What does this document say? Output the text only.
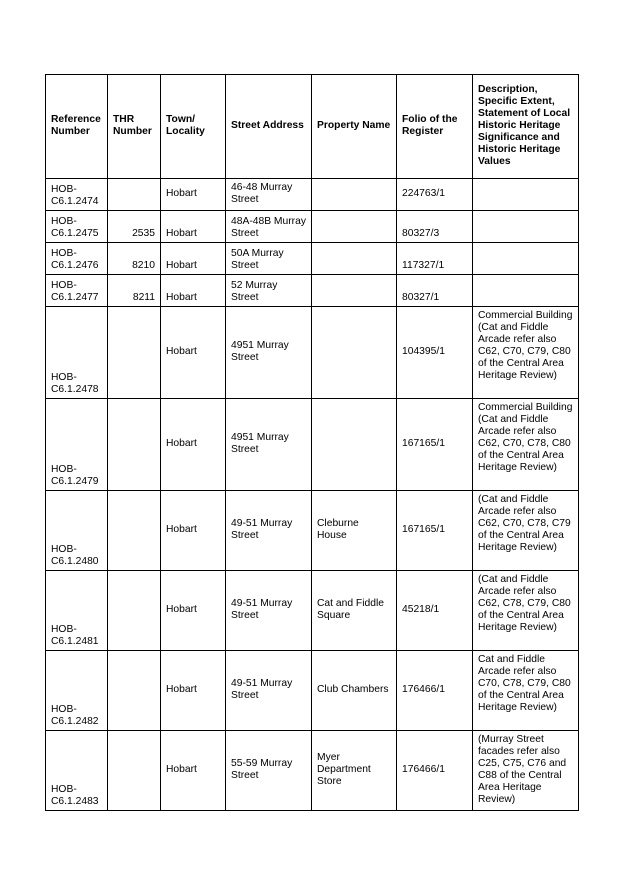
Reference Number	THR Number	Town/ Locality	Street Address	Property Name	Folio of the Register	Description, Specific Extent, Statement of Local Historic Heritage Significance and Historic Heritage Values
HOB-C6.1.2474		Hobart	46-48 Murray Street		224763/1	
HOB-C6.1.2475	2535	Hobart	48A-48B Murray Street		80327/3	
HOB-C6.1.2476	8210	Hobart	50A Murray Street		117327/1	
HOB-C6.1.2477	8211	Hobart	52 Murray Street		80327/1	
HOB-C6.1.2478		Hobart	4951 Murray Street		104395/1	Commercial Building (Cat and Fiddle Arcade refer also C62, C70, C79, C80 of the Central Area Heritage Review)
HOB-C6.1.2479		Hobart	4951 Murray Street		167165/1	Commercial Building (Cat and Fiddle Arcade refer also C62, C70, C78, C80 of the Central Area Heritage Review)
HOB-C6.1.2480		Hobart	49-51 Murray Street	Cleburne House	167165/1	(Cat and Fiddle Arcade refer also C62, C70, C78, C79 of the Central Area Heritage Review)
HOB-C6.1.2481		Hobart	49-51 Murray Street	Cat and Fiddle Square	45218/1	(Cat and Fiddle Arcade refer also C62, C78, C79, C80 of the Central Area Heritage Review)
HOB-C6.1.2482		Hobart	49-51 Murray Street	Club Chambers	176466/1	Cat and Fiddle Arcade refer also C70, C78, C79, C80 of the Central Area Heritage Review)
HOB-C6.1.2483		Hobart	55-59 Murray Street	Myer Department Store	176466/1	(Murray Street facades refer also C25, C75, C76 and C88 of the Central Area Heritage Review)
